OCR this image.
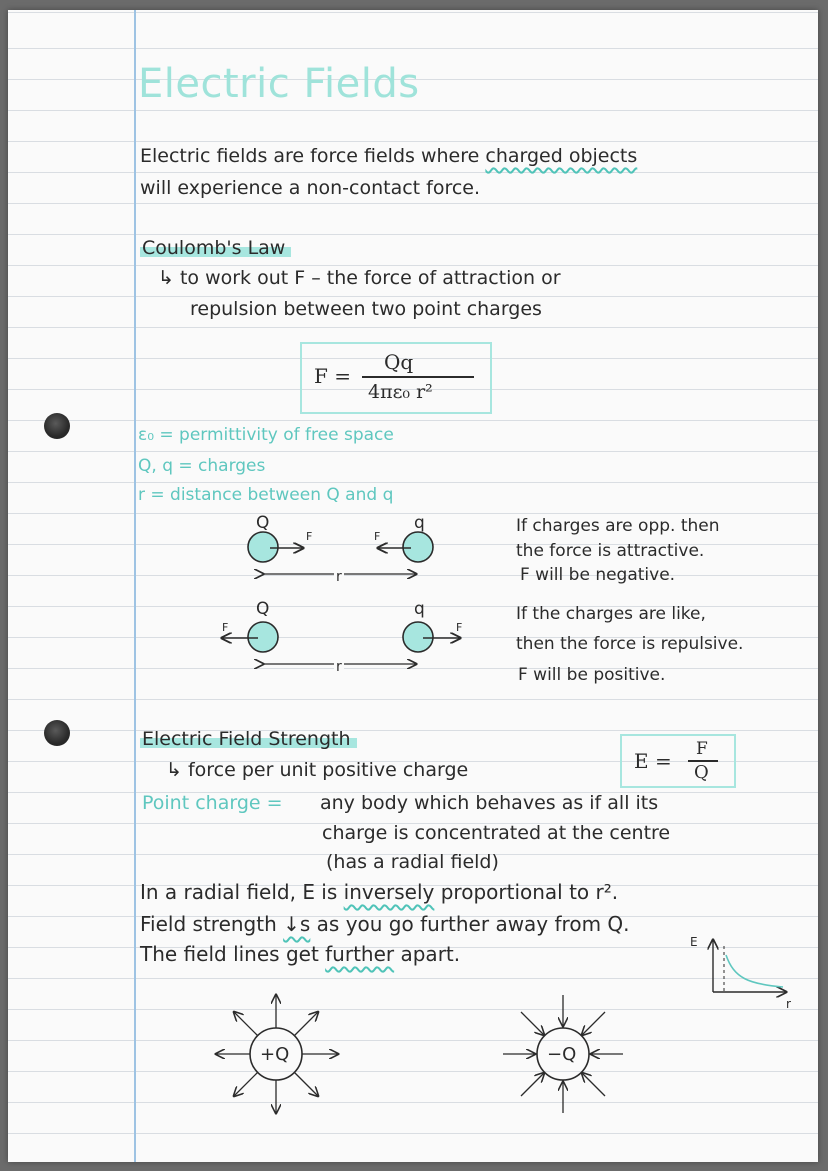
Electric Fields
Electric fields are force fields where charged objects
will experience a non-contact force.
Coulomb's Law
↳ to work out F – the force of attraction or
repulsion between two point charges
F =
Qq
4πε₀ r²
ε₀ = permittivity of free space
Q, q = charges
r = distance between Q and q
Q	q
F	F
r
Q	q
F	F
r
If charges are opp. then
the force is attractive.
F will be negative.
If the charges are like,
then the force is repulsive.
F will be positive.
Electric Field Strength
↳ force per unit positive charge	E = F
Q
Point charge = any body which behaves as if all its
charge is concentrated at the centre
(has a radial field)
In a radial field, E is inversely proportional to r².
Field strength ↓s as you go further away from Q.
The field lines get further apart.	E
r
+Q	−Q
